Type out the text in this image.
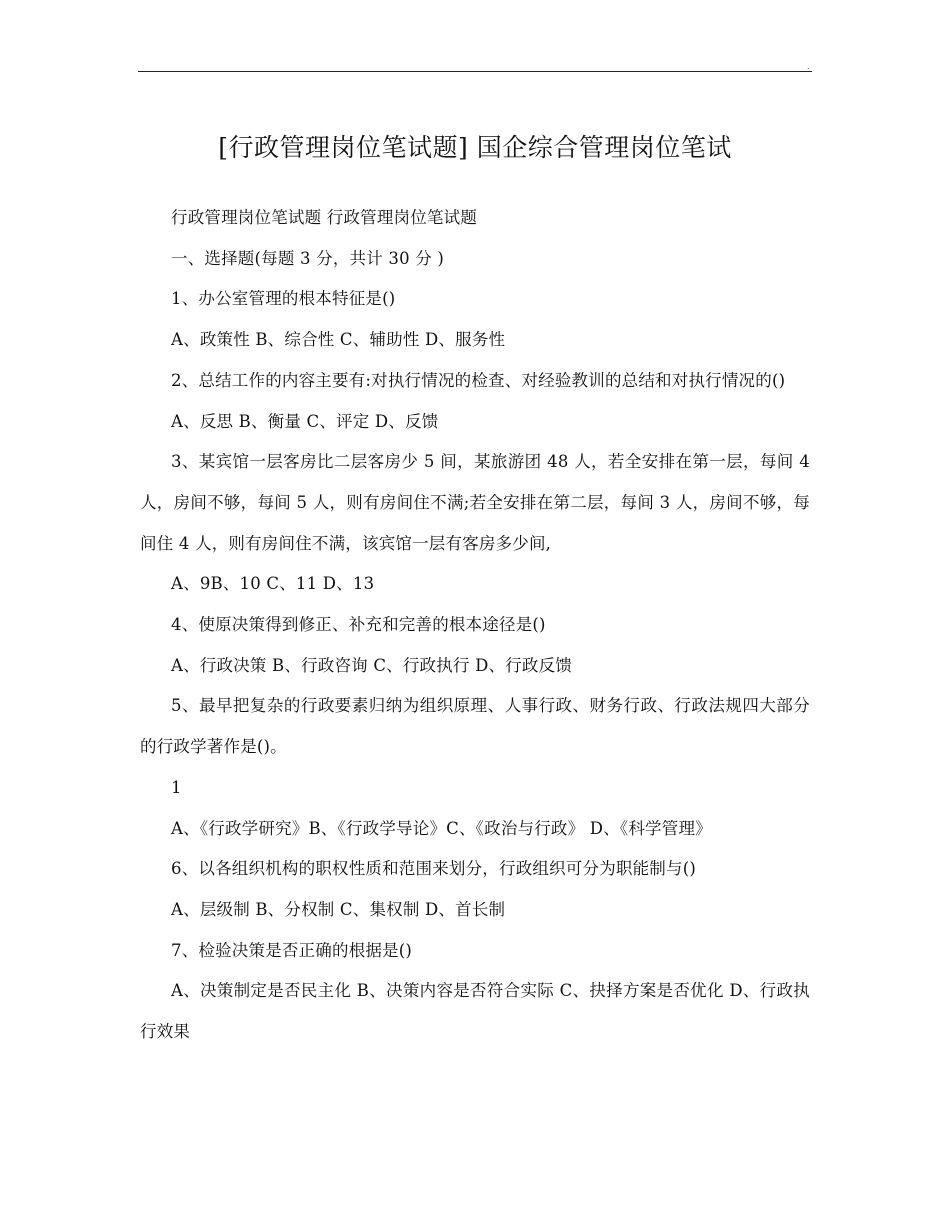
.
[行政管理岗位笔试题] 国企综合管理岗位笔试

行政管理岗位笔试题 行政管理岗位笔试题

一、选择题(每题 3 分，共计 30 分 )

1、办公室管理的根本特征是()

A、政策性 B、综合性 C、辅助性 D、服务性

2、总结工作的内容主要有:对执行情况的检查、对经验教训的总结和对执行情况的()

A、反思 B、衡量 C、评定 D、反馈

3、某宾馆一层客房比二层客房少 5 间，某旅游团 48 人，若全安排在第一层，每间 4 人，房间不够，每间 5 人，则有房间住不满;若全安排在第二层，每间 3 人，房间不够，每间住 4 人，则有房间住不满，该宾馆一层有客房多少间,

A、9B、10 C、11 D、13

4、使原决策得到修正、补充和完善的根本途径是()

A、行政决策 B、行政咨询 C、行政执行 D、行政反馈

5、最早把复杂的行政要素归纳为组织原理、人事行政、财务行政、行政法规四大部分的行政学著作是()。

1

A、《行政学研究》B、《行政学导论》C、《政治与行政》 D、《科学管理》

6、以各组织机构的职权性质和范围来划分，行政组织可分为职能制与()

A、层级制 B、分权制 C、集权制 D、首长制

7、检验决策是否正确的根据是()

A、决策制定是否民主化 B、决策内容是否符合实际 C、抉择方案是否优化 D、行政执行效果
